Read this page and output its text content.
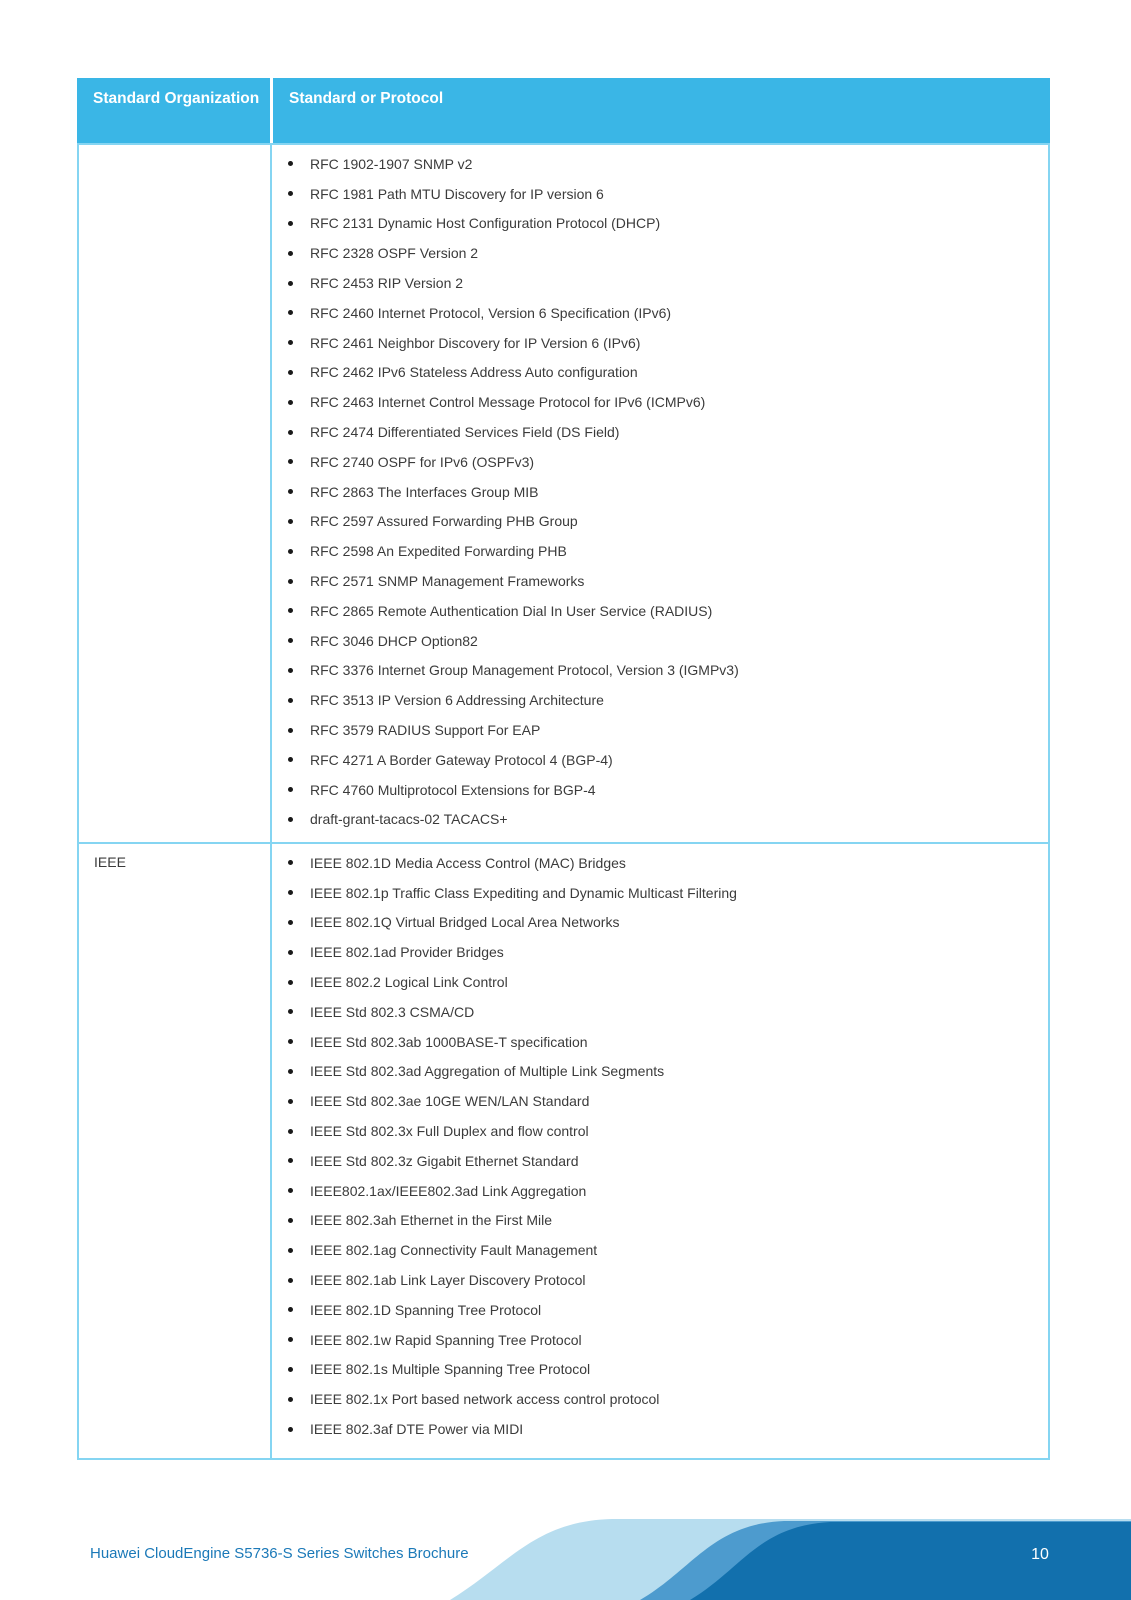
Standard Organization	Standard or Protocol
RFC 1902-1907 SNMP v2
RFC 1981 Path MTU Discovery for IP version 6
RFC 2131 Dynamic Host Configuration Protocol (DHCP)
RFC 2328 OSPF Version 2
RFC 2453 RIP Version 2
RFC 2460 Internet Protocol, Version 6 Specification (IPv6)
RFC 2461 Neighbor Discovery for IP Version 6 (IPv6)
RFC 2462 IPv6 Stateless Address Auto configuration
RFC 2463 Internet Control Message Protocol for IPv6 (ICMPv6)
RFC 2474 Differentiated Services Field (DS Field)
RFC 2740 OSPF for IPv6 (OSPFv3)
RFC 2863 The Interfaces Group MIB
RFC 2597 Assured Forwarding PHB Group
RFC 2598 An Expedited Forwarding PHB
RFC 2571 SNMP Management Frameworks
RFC 2865 Remote Authentication Dial In User Service (RADIUS)
RFC 3046 DHCP Option82
RFC 3376 Internet Group Management Protocol, Version 3 (IGMPv3)
RFC 3513 IP Version 6 Addressing Architecture
RFC 3579 RADIUS Support For EAP
RFC 4271 A Border Gateway Protocol 4 (BGP-4)
RFC 4760 Multiprotocol Extensions for BGP-4
draft-grant-tacacs-02 TACACS+
IEEE	IEEE 802.1D Media Access Control (MAC) Bridges
IEEE 802.1p Traffic Class Expediting and Dynamic Multicast Filtering
IEEE 802.1Q Virtual Bridged Local Area Networks
IEEE 802.1ad Provider Bridges
IEEE 802.2 Logical Link Control
IEEE Std 802.3 CSMA/CD
IEEE Std 802.3ab 1000BASE-T specification
IEEE Std 802.3ad Aggregation of Multiple Link Segments
IEEE Std 802.3ae 10GE WEN/LAN Standard
IEEE Std 802.3x Full Duplex and flow control
IEEE Std 802.3z Gigabit Ethernet Standard
IEEE802.1ax/IEEE802.3ad Link Aggregation
IEEE 802.3ah Ethernet in the First Mile
IEEE 802.1ag Connectivity Fault Management
IEEE 802.1ab Link Layer Discovery Protocol
IEEE 802.1D Spanning Tree Protocol
IEEE 802.1w Rapid Spanning Tree Protocol
IEEE 802.1s Multiple Spanning Tree Protocol
IEEE 802.1x Port based network access control protocol
IEEE 802.3af DTE Power via MIDI
Huawei CloudEngine S5736-S Series Switches Brochure	10
